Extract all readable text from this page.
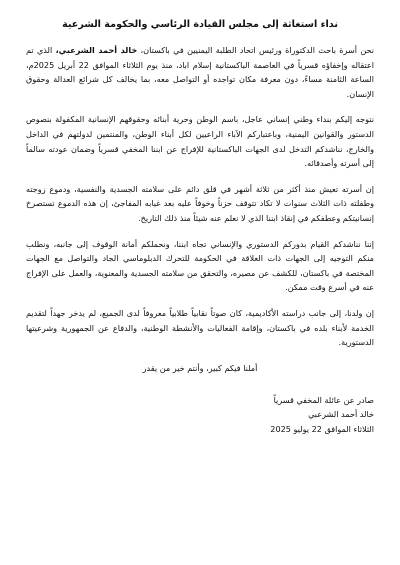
نداء استغاثة إلى مجلس القيادة الرئاسي والحكومة الشرعية

نحن أسرة باحث الدكتوراة ورئيس اتحاد الطلبة اليمنيين في باكستان، خالد أحمد الشرعبي، الذي تم اعتقاله وإخفاؤه قسرياً في العاصمة الباكستانية إسلام اباد، منذ يوم الثلاثاء الموافق 22 أبريل 2025م، الساعة الثامنة مساءً، دون معرفة مكان تواجده أو التواصل معه، بما يخالف كل شرائع العدالة وحقوق الإنسان.

نتوجه إليكم بنداء وطني إنساني عاجل، باسم الوطن وحرية أبنائه وحقوقهم الإنسانية المكفولة بنصوص الدستور والقوانين اليمنية، وباعتباركم الآباء الراعيين لكل أبناء الوطن، والمنتمين لدولتهم في الداخل والخارج، نناشدكم التدخل لدى الجهات الباكستانية للإفراج عن ابننا المخفي قسرياً وضمان عودته سالماً إلى أسرته وأصدقائه.

إن أسرته تعيش منذ أكثر من ثلاثة أشهر في قلق دائم على سلامته الجسدية والنفسية، ودموع زوجته وطفلته ذات الثلاث سنوات لا تكاد تتوقف حزناً وخوفاً عليه بعد غيابه المفاجئ، إن هذه الدموع تستصرخ إنسانيتكم وعطفكم في إنقاذ ابننا الذي لا نعلم عنه شيئاً منذ ذلك التاريخ.

إننا نناشدكم القيام بدوركم الدستوري والإنساني تجاه ابننا، ونحملكم أمانة الوقوف إلى جانبه، ونطلب منكم التوجيه إلى الجهات ذات العلاقة في الحكومة للتحرك الدبلوماسي الجاد والتواصل مع الجهات المختصة في باكستان، للكشف عن مصيره، والتحقق من سلامته الجسدية والمعنوية، والعمل على الإفراج عنه في أسرع وقت ممكن.

إن ولدنا، إلى جانب دراسته الأكاديمية، كان صوتاً نقابياً طلابياً معروفاً لدى الجميع، لم يدخر جهداً لتقديم الخدمة لأبناء بلده في باكستان، وإقامة الفعاليات والأنشطة الوطنية، والدفاع عن الجمهورية وشرعيتها الدستورية.

أملنا فيكم كبير، وأنتم خير من يقدر
صادر عن عائلة المخفي قسرياً
خالد أحمد الشرعبي
الثلاثاء الموافق 22 يوليو 2025
